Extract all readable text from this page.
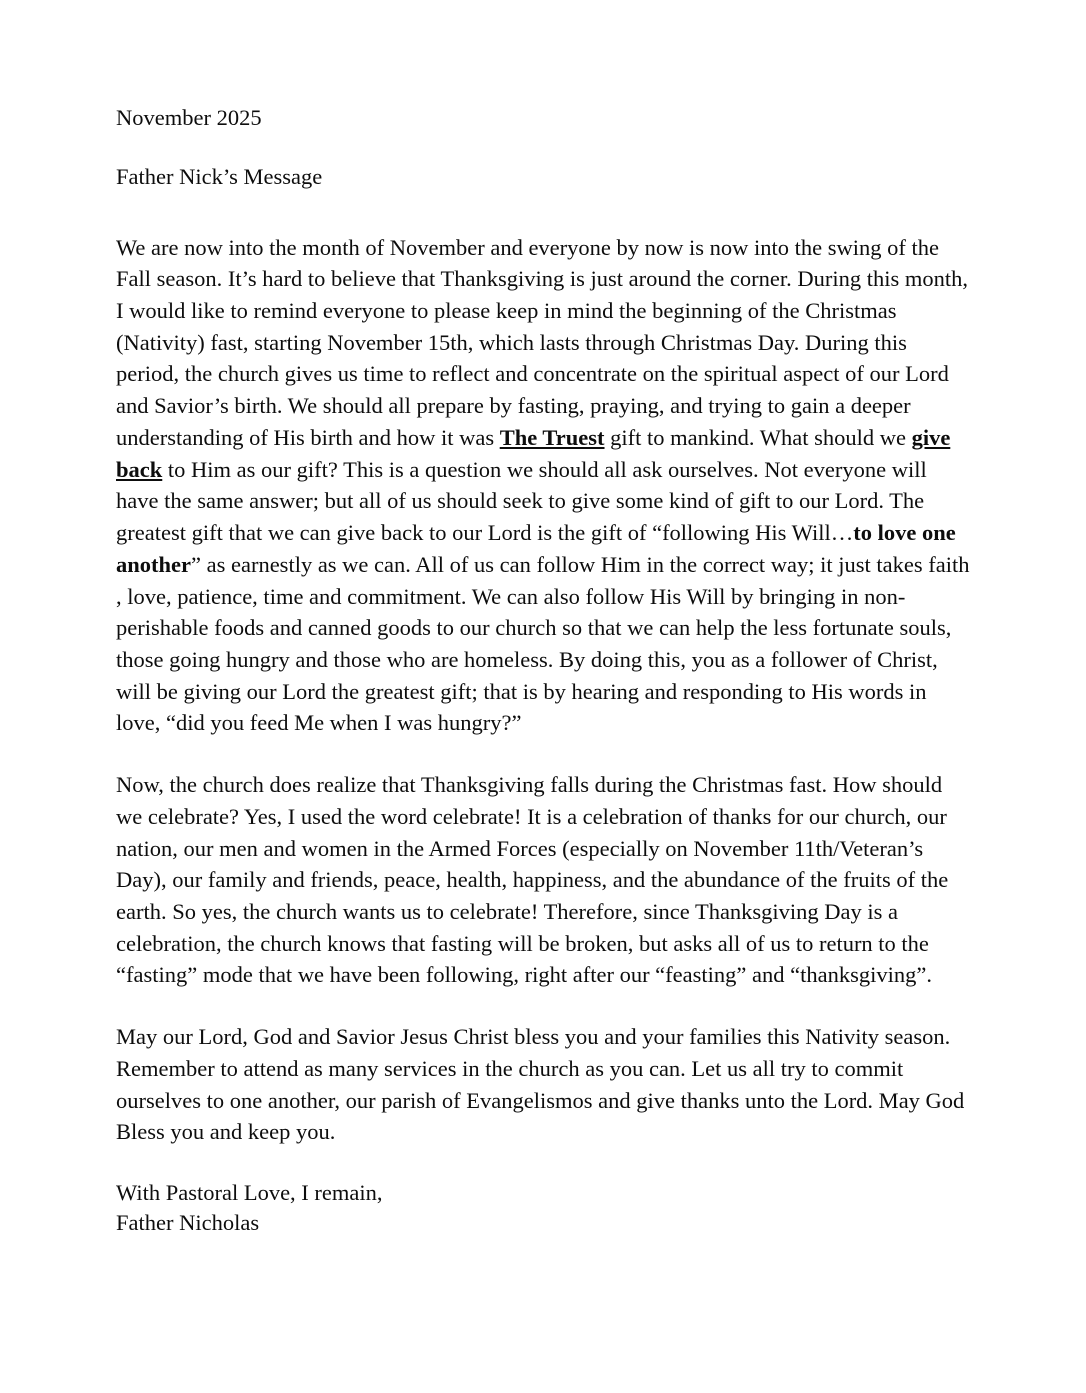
November 2025

Father Nick’s Message

We are now into the month of November and everyone by now is now into the swing of the Fall season. It’s hard to believe that Thanksgiving is just around the corner. During this month, I would like to remind everyone to please keep in mind the beginning of the Christmas (Nativity) fast, starting November 15th, which lasts through Christmas Day. During this period, the church gives us time to reflect and concentrate on the spiritual aspect of our Lord and Savior’s birth. We should all prepare by fasting, praying, and trying to gain a deeper understanding of His birth and how it was The Truest gift to mankind. What should we give back to Him as our gift? This is a question we should all ask ourselves. Not everyone will have the same answer; but all of us should seek to give some kind of gift to our Lord. The greatest gift that we can give back to our Lord is the gift of “following His Will…to love one another” as earnestly as we can. All of us can follow Him in the correct way; it just takes faith , love, patience, time and commitment. We can also follow His Will by bringing in non-perishable foods and canned goods to our church so that we can help the less fortunate souls, those going hungry and those who are homeless. By doing this, you as a follower of Christ, will be giving our Lord the greatest gift; that is by hearing and responding to His words in love, “did you feed Me when I was hungry?”

Now, the church does realize that Thanksgiving falls during the Christmas fast. How should we celebrate? Yes, I used the word celebrate! It is a celebration of thanks for our church, our nation, our men and women in the Armed Forces (especially on November 11th/Veteran’s Day), our family and friends, peace, health, happiness, and the abundance of the fruits of the earth. So yes, the church wants us to celebrate! Therefore, since Thanksgiving Day is a celebration, the church knows that fasting will be broken, but asks all of us to return to the “fasting” mode that we have been following, right after our “feasting” and “thanksgiving”.

May our Lord, God and Savior Jesus Christ bless you and your families this Nativity season. Remember to attend as many services in the church as you can. Let us all try to commit ourselves to one another, our parish of Evangelismos and give thanks unto the Lord. May God Bless you and keep you.

With Pastoral Love, I remain,
Father Nicholas
